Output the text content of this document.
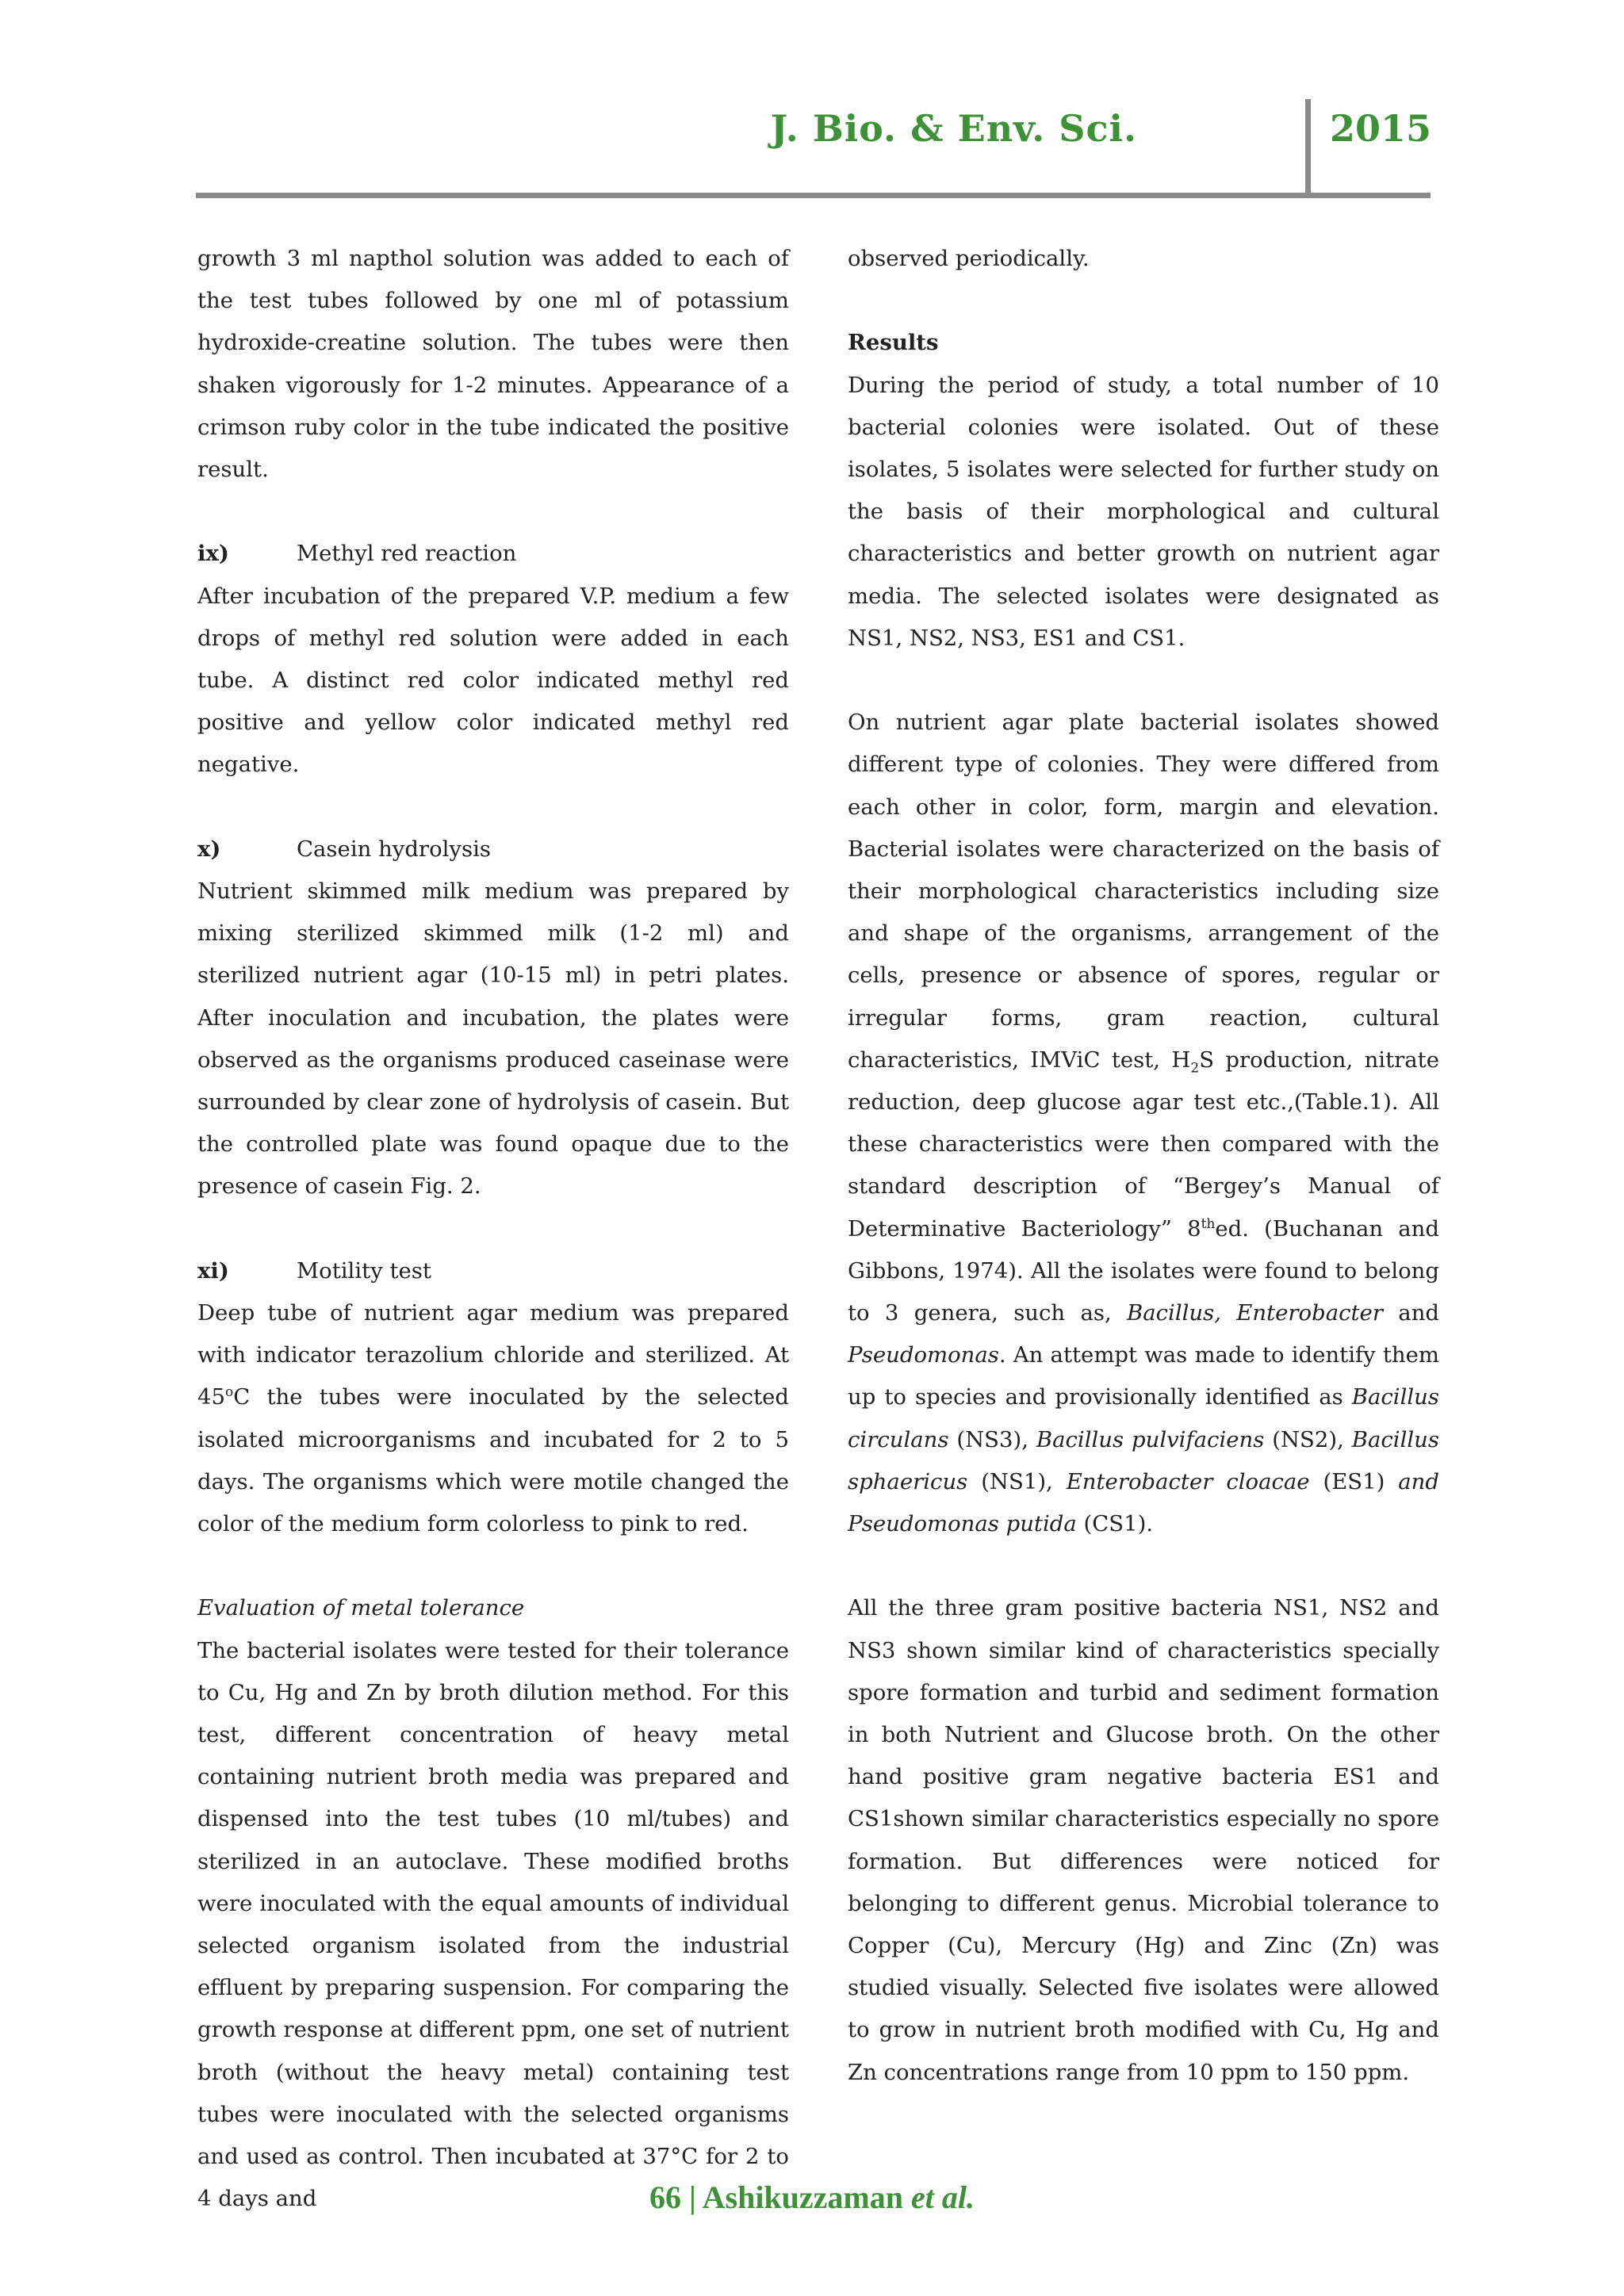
J. Bio. & Env. Sci.	2015

growth 3 ml napthol solution was added to each of the test tubes followed by one ml of potassium hydroxide-creatine solution. The tubes were then shaken vigorously for 1-2 minutes. Appearance of a crimson ruby color in the tube indicated the positive result.

ix)	Methyl red reaction

After incubation of the prepared V.P. medium a few drops of methyl red solution were added in each tube. A distinct red color indicated methyl red positive and yellow color indicated methyl red negative.

x)	Casein hydrolysis

Nutrient skimmed milk medium was prepared by mixing sterilized skimmed milk (1-2 ml) and sterilized nutrient agar (10-15 ml) in petri plates. After inoculation and incubation, the plates were observed as the organisms produced caseinase were surrounded by clear zone of hydrolysis of casein. But the controlled plate was found opaque due to the presence of casein Fig. 2.

xi)	Motility test

Deep tube of nutrient agar medium was prepared with indicator terazolium chloride and sterilized. At 45$^o$C the tubes were inoculated by the selected isolated microorganisms and incubated for 2 to 5 days. The organisms which were motile changed the color of the medium form colorless to pink to red.

Evaluation of metal tolerance

The bacterial isolates were tested for their tolerance to Cu, Hg and Zn by broth dilution method. For this test, different concentration of heavy metal containing nutrient broth media was prepared and dispensed into the test tubes (10 ml/tubes) and sterilized in an autoclave. These modified broths were inoculated with the equal amounts of individual selected organism isolated from the industrial effluent by preparing suspension. For comparing the growth response at different ppm, one set of nutrient broth (without the heavy metal) containing test tubes were inoculated with the selected organisms and used as control. Then incubated at 37°C for 2 to 4 days and

observed periodically.

Results

During the period of study, a total number of 10 bacterial colonies were isolated. Out of these isolates, 5 isolates were selected for further study on the basis of their morphological and cultural characteristics and better growth on nutrient agar media. The selected isolates were designated as NS1, NS2, NS3, ES1 and CS1.

On nutrient agar plate bacterial isolates showed different type of colonies. They were differed from each other in color, form, margin and elevation. Bacterial isolates were characterized on the basis of their morphological characteristics including size and shape of the organisms, arrangement of the cells, presence or absence of spores, regular or irregular forms, gram reaction, cultural characteristics, IMViC test, $H_2S$ production, nitrate reduction, deep glucose agar test etc.,(Table.1). All these characteristics were then compared with the standard description of “Bergey’s Manual of Determinative Bacteriology” 8thed. (Buchanan and Gibbons, 1974). All the isolates were found to belong to 3 genera, such as, Bacillus, Enterobacter and Pseudomonas. An attempt was made to identify them up to species and provisionally identified as Bacillus circulans (NS3), Bacillus pulvifaciens (NS2), Bacillus sphaericus (NS1), Enterobacter cloacae (ES1) and Pseudomonas putida (CS1).

All the three gram positive bacteria NS1, NS2 and NS3 shown similar kind of characteristics specially spore formation and turbid and sediment formation in both Nutrient and Glucose broth. On the other hand positive gram negative bacteria ES1 and CS1shown similar characteristics especially no spore formation. But differences were noticed for belonging to different genus. Microbial tolerance to Copper (Cu), Mercury (Hg) and Zinc (Zn) was studied visually. Selected five isolates were allowed to grow in nutrient broth modified with Cu, Hg and Zn concentrations range from 10 ppm to 150 ppm.

66 | Ashikuzzaman et al.
